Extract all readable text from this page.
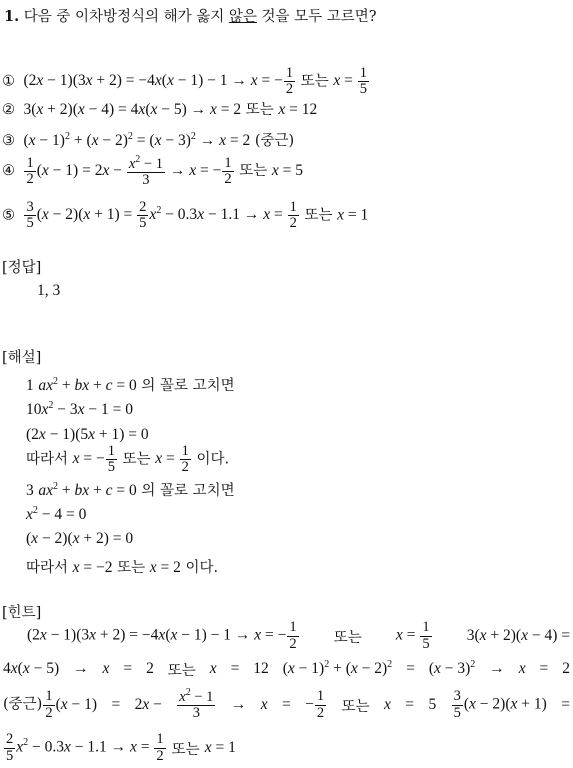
1. 다음 중 이차방정식의 해가 옳지 않은 것을 모두 고르면?
①  (2x − 1)(3x + 2) = −4x(x − 1) − 1 → x = − $\frac{1}{2}$ 또는 $x = \frac{1}{5}$
②  3(x + 2)(x − 4) = 4x(x − 5) → x = 2 또는 x = 12
③  $(x - 1)^2 + (x - 2)^2 = (x - 3)^2 \to x = 2$ (중근)
④ $\frac{1}{2} (x - 1) = 2x - \frac{x^2 - 1}{3} \to x$ = − $\frac{1}{2}$ 또는 x = 5
⑤ $\frac{3}{5} (x - 2)(x + 1) = \frac{2}{5} x^2 - 0.3x - 1.1 \to x = \frac{1}{2}$ 또는 x = 1
[정답]
1, 3
[해설]
1 $ax^2$ + bx + c = 0 의 꼴로 고치면
$10x^2 - 3x - 1 = 0$
(2x − 1)(5x + 1) = 0
따라서 x = − $\frac{1}{5}$ 또는 $x = \frac{1}{2}$ 이다.
3 $ax^2$ + bx + c = 0 의 꼴로 고치면
$x^2 - 4 = 0$
(x − 2)(x + 2) = 0
따라서 x = −2 또는 x = 2 이다.
[힌트]
(2x − 1)(3x + 2) = −4x(x − 1) − 1 → x = − $\frac{1}{2}$ 또는 $x = \frac{1}{5} 3(x + 2)(x - 4)$ =
4x(x − 5) → x = 2 또는 x = 12 $(x - 1)^2 + (x - 2)^2 = (x - 3)^2 \to x = 2$
(중근) $\frac{1}{2} (x - 1) = 2x - \frac{x^2 - 1}{3} \to x$ = − $\frac{1}{2}$ 또는 $x = 5 \frac{3}{5} (x - 2)(x + 1)$ =
$\frac{2}{5} x^2 - 0.3x - 1.1 \to x = \frac{1}{2}$ 또는 x = 1
